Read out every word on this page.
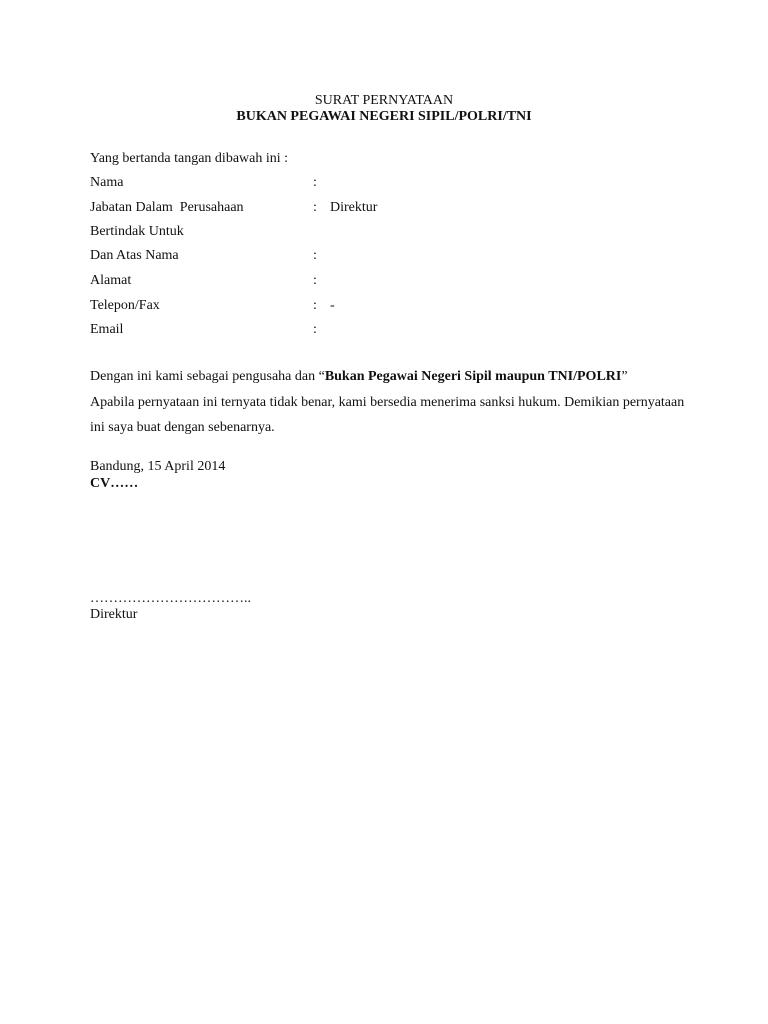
SURAT PERNYATAAN
BUKAN PEGAWAI NEGERI SIPIL/POLRI/TNI
Yang bertanda tangan dibawah ini :
Nama	:
Jabatan Dalam  Perusahaan	: Direktur
Bertindak Untuk
Dan Atas Nama	:
Alamat	:
Telepon/Fax	: -
Email	:
Dengan ini kami sebagai pengusaha dan “Bukan Pegawai Negeri Sipil maupun TNI/POLRI”
Apabila pernyataan ini ternyata tidak benar, kami bersedia menerima sanksi hukum. Demikian pernyataan
ini saya buat dengan sebenarnya.
Bandung, 15 April 2014
CV……
……………………………..
Direktur
